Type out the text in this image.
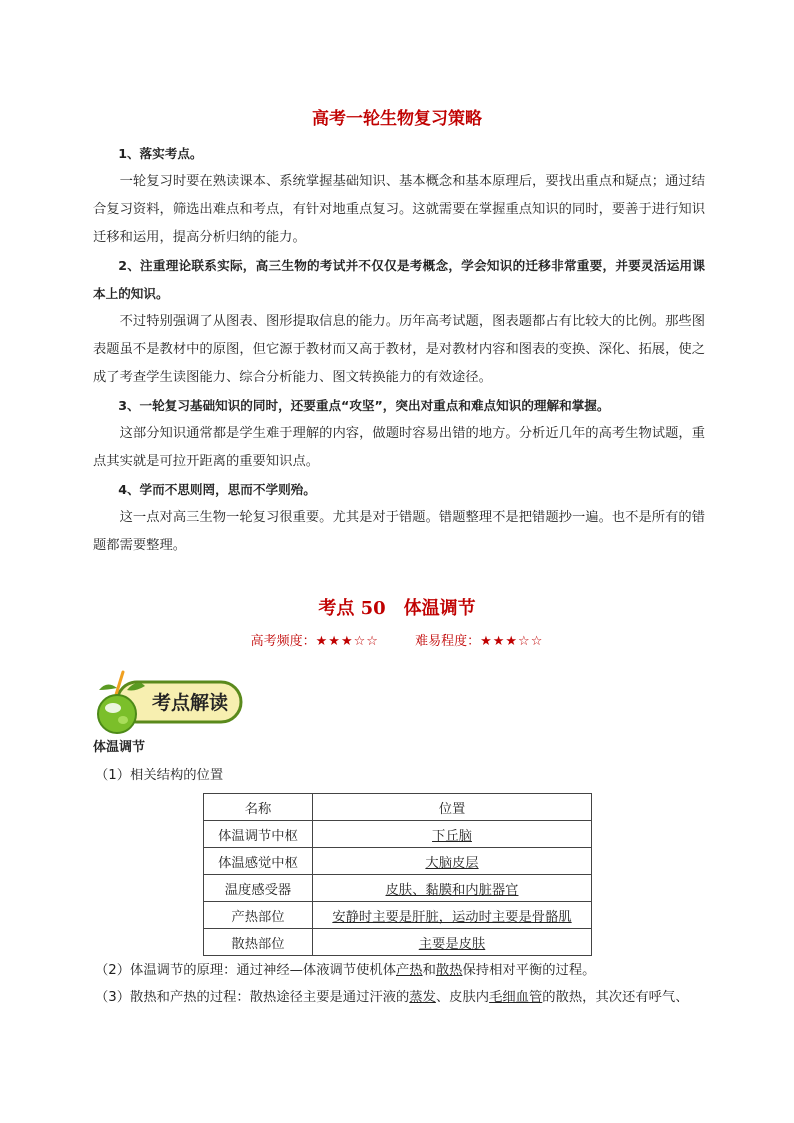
高考一轮生物复习策略

1、落实考点。

一轮复习时要在熟读课本、系统掌握基础知识、基本概念和基本原理后，要找出重点和疑点；通过结合复习资料，筛选出难点和考点，有针对地重点复习。这就需要在掌握重点知识的同时，要善于进行知识迁移和运用，提高分析归纳的能力。

2、注重理论联系实际，高三生物的考试并不仅仅是考概念，学会知识的迁移非常重要，并要灵活运用课本上的知识。

不过特别强调了从图表、图形提取信息的能力。历年高考试题，图表题都占有比较大的比例。那些图表题虽不是教材中的原图，但它源于教材而又高于教材，是对教材内容和图表的变换、深化、拓展，使之成了考查学生读图能力、综合分析能力、图文转换能力的有效途径。

3、一轮复习基础知识的同时，还要重点“攻坚”，突出对重点和难点知识的理解和掌握。

这部分知识通常都是学生难于理解的内容，做题时容易出错的地方。分析近几年的高考生物试题，重点其实就是可拉开距离的重要知识点。

4、学而不思则罔，思而不学则殆。

这一点对高三生物一轮复习很重要。尤其是对于错题。错题整理不是把错题抄一遍。也不是所有的错题都需要整理。

考点 50　体温调节
高考频度：★★★☆☆	难易程度：★★★☆☆
考点解读
体温调节
（1）相关结构的位置
名称	位置
体温调节中枢	下丘脑
体温感觉中枢	大脑皮层
温度感受器	皮肤、黏膜和内脏器官
产热部位	安静时主要是肝脏，运动时主要是骨骼肌
散热部位	主要是皮肤
（2）体温调节的原理：通过神经—体液调节使机体产热和散热保持相对平衡的过程。
（3）散热和产热的过程：散热途径主要是通过汗液的蒸发、皮肤内毛细血管的散热，其次还有呼气、
